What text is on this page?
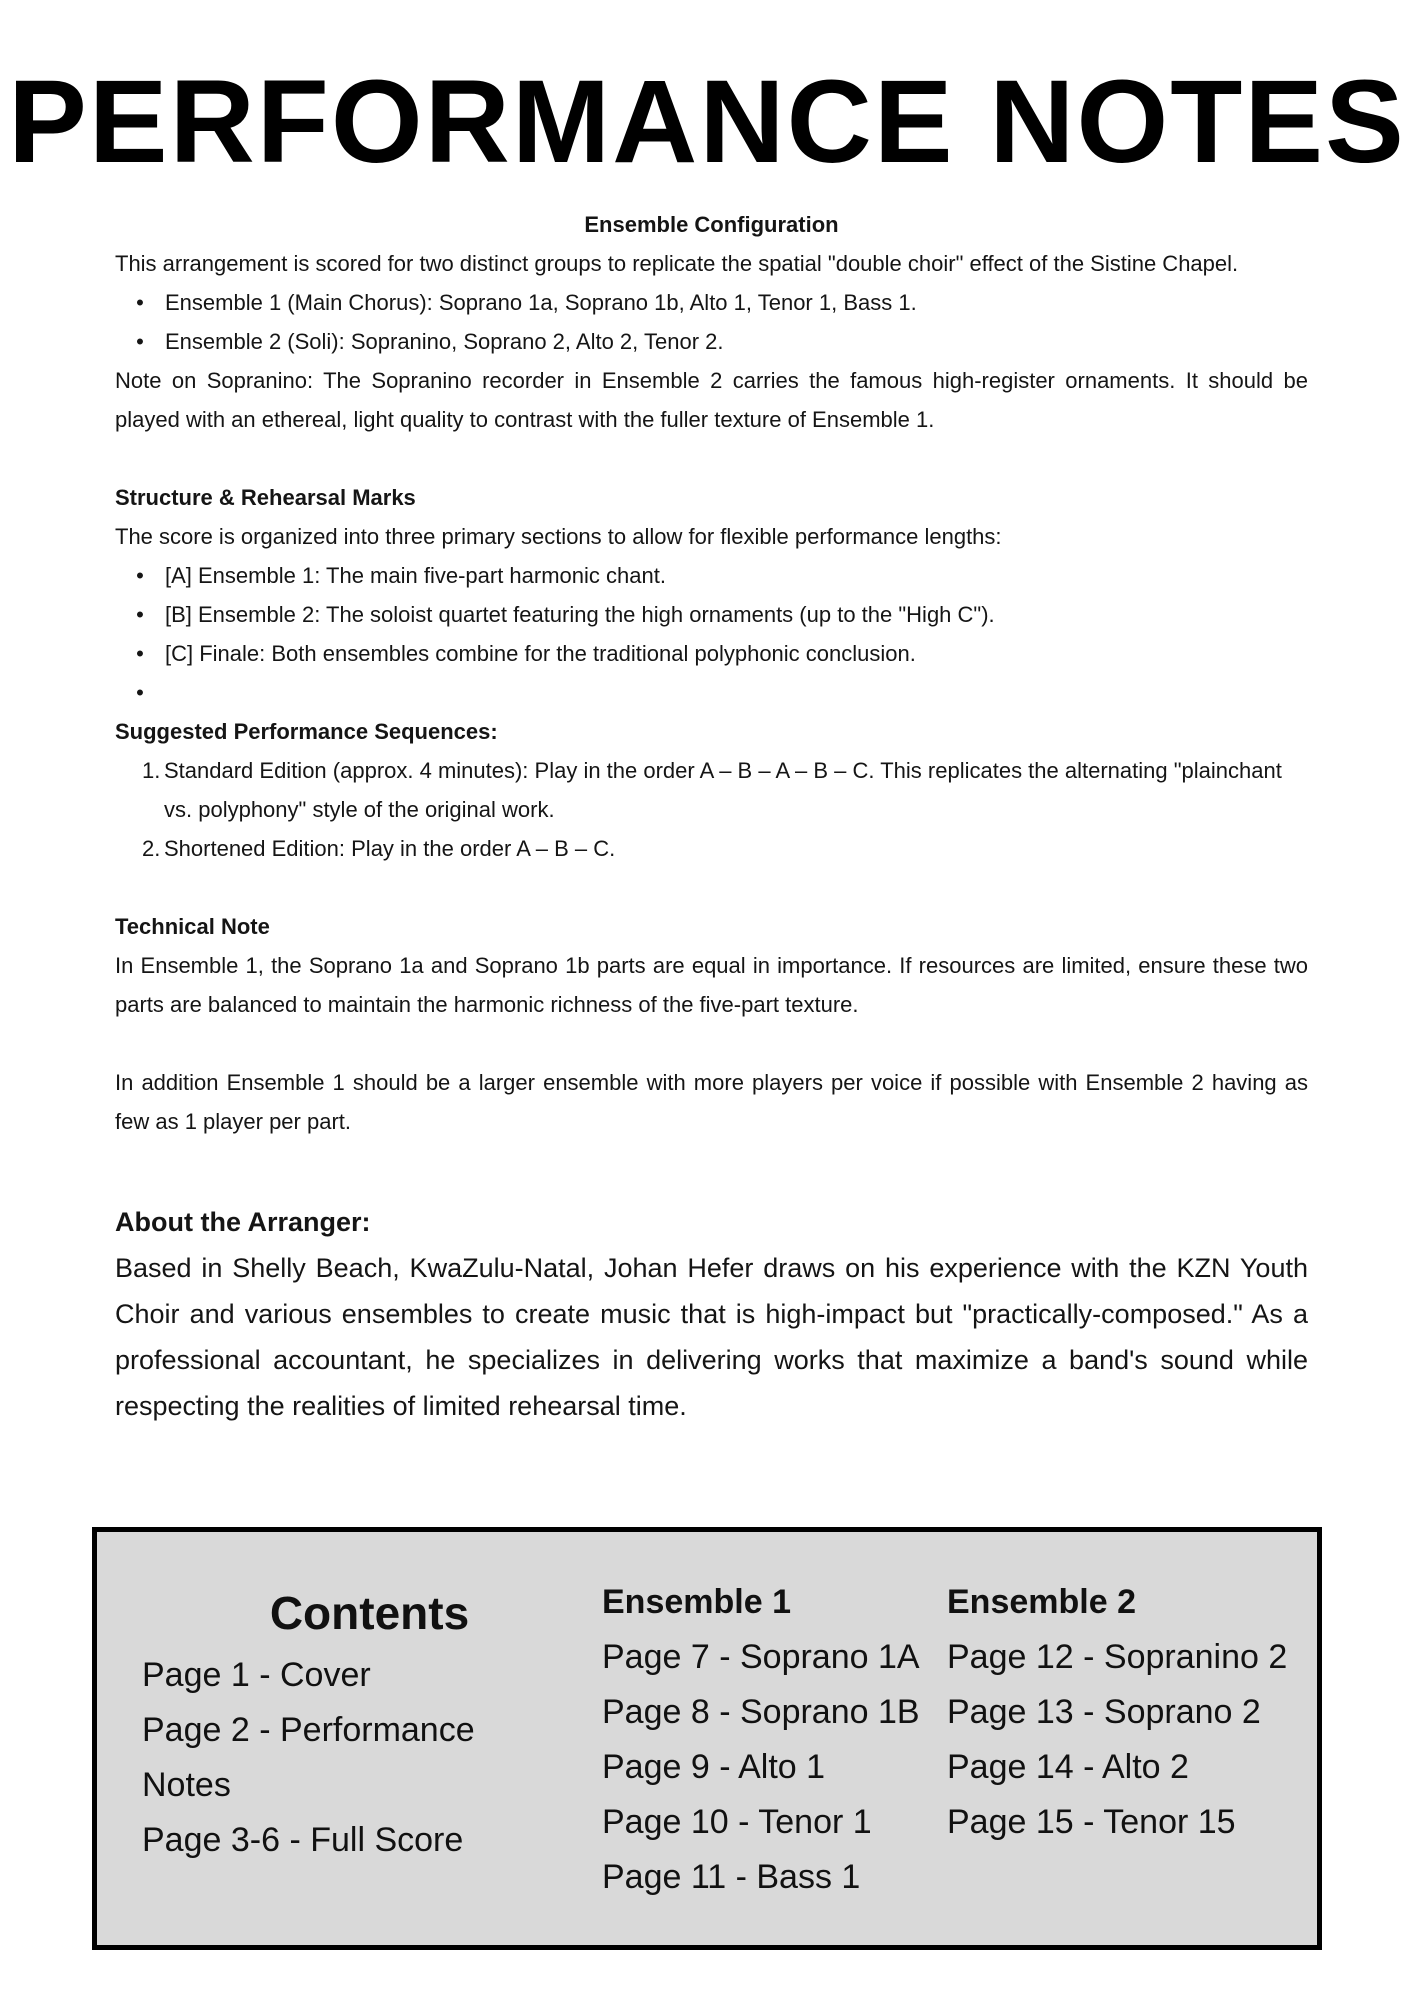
PERFORMANCE NOTES

Ensemble Configuration

This arrangement is scored for two distinct groups to replicate the spatial "double choir" effect of the Sistine Chapel.

• Ensemble 1 (Main Chorus): Soprano 1a, Soprano 1b, Alto 1, Tenor 1, Bass 1.
• Ensemble 2 (Soli): Sopranino, Soprano 2, Alto 2, Tenor 2.

Note on Sopranino: The Sopranino recorder in Ensemble 2 carries the famous high-register ornaments. It should be played with an ethereal, light quality to contrast with the fuller texture of Ensemble 1.

Structure & Rehearsal Marks

The score is organized into three primary sections to allow for flexible performance lengths:

• [A] Ensemble 1: The main five-part harmonic chant.
• [B] Ensemble 2: The soloist quartet featuring the high ornaments (up to the "High C").
• [C] Finale: Both ensembles combine for the traditional polyphonic conclusion.
•

Suggested Performance Sequences:

1. Standard Edition (approx. 4 minutes): Play in the order A – B – A – B – C. This replicates the alternating "plainchant vs. polyphony" style of the original work.
2. Shortened Edition: Play in the order A – B – C.

Technical Note

In Ensemble 1, the Soprano 1a and Soprano 1b parts are equal in importance. If resources are limited, ensure these two parts are balanced to maintain the harmonic richness of the five-part texture.

In addition Ensemble 1 should be a larger ensemble with more players per voice if possible with Ensemble 2 having as few as 1 player per part.

About the Arranger:

Based in Shelly Beach, KwaZulu-Natal, Johan Hefer draws on his experience with the KZN Youth Choir and various ensembles to create music that is high-impact but "practically-composed." As a professional accountant, he specializes in delivering works that maximize a band's sound while respecting the realities of limited rehearsal time.

Contents
Page 1 - Cover
Page 2 - Performance Notes
Page 3-6 - Full Score
Ensemble 1
Page 7 - Soprano 1A
Page 8 - Soprano 1B
Page 9 - Alto 1
Page 10 - Tenor 1
Page 11 - Bass 1
Ensemble 2
Page 12 - Sopranino 2
Page 13 - Soprano 2
Page 14 - Alto 2
Page 15 - Tenor 15
